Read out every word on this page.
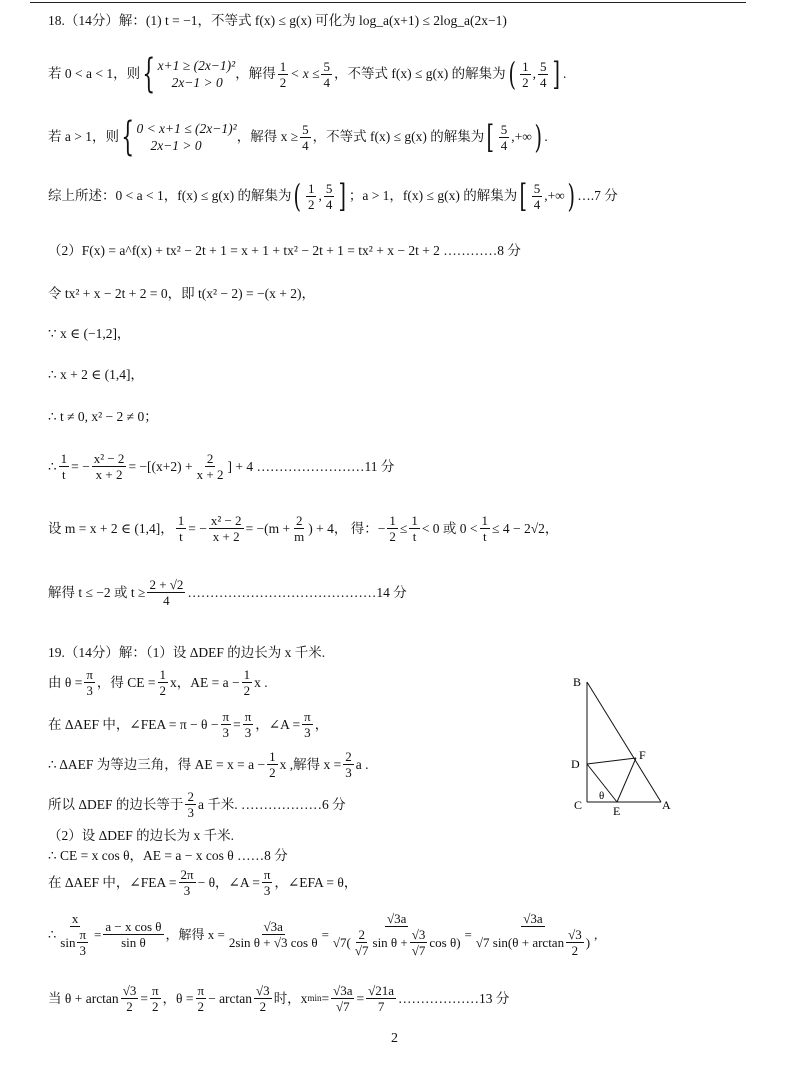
18.（14分）解：(1) t = −1，不等式 f(x) ≤ g(x) 可化为 log_a(x+1) ≤ 2log_a(2x−1)
若 0 < a < 1，则 { x+1 ≥ (2x−1)²
2x−1 > 0
，解得 $\frac{1}{2} < x \le \frac{5}{4}$ ，不等式 f(x) ≤ g(x) 的解集为 ( $\frac{1}{2}$ , $\frac{5}{4}$ ] .
若 a > 1，则 { 0 < x+1 ≤ (2x−1)²
2x−1 > 0
，解得 $x \ge \frac{5}{4}$ ，不等式 f(x) ≤ g(x) 的解集为 [ $\frac{5}{4}$ ,+∞ ) .
综上所述：0 < a < 1，f(x) ≤ g(x) 的解集为 ( $\frac{1}{2}$ , $\frac{5}{4}$ ] ；a > 1，f(x) ≤ g(x) 的解集为 [ $\frac{5}{4}$ ,+∞ ) ….7 分
（2）F(x) = a^f(x) + tx² − 2t + 1 = x + 1 + tx² − 2t + 1 = tx² + x − 2t + 2 …………8 分
令 tx² + x − 2t + 2 = 0，即 t(x² − 2) = −(x + 2)，
∵ x ∈ (−1,2]，
∴ x + 2 ∈ (1,4]，
∴ t ≠ 0, x² − 2 ≠ 0；
∴ $\frac{1}{t}$ = − $\frac{\text{x² − 2}}{x + 2} = -[(x+2) + \frac{2}{x + 2}$ ] + 4 ……………………11 分
设 m = x + 2 ∈ (1,4]， $\frac{1}{t}$ = − $\frac{\text{x² − 2}}{x + 2} = -(m + \frac{2}{m}$ ) + 4， 得：− $\frac{1}{2} \le \frac{1}{t} < 0$ 或 $0 < \frac{1}{t} \le 4 - 2√2$，
解得 t ≤ −2 或 $t \ge \frac{2 + √2}{4}$ ……………………………………14 分
19.（14分）解：（1）设 ΔDEF 的边长为 x 千米.
由 $\theta = \frac{\pi}{3}$ ，得 CE = $\frac{1}{2}$ x，AE = $a - \frac{1}{2}$ x .
在 ΔAEF 中，∠FEA = $\pi - \theta - \frac{\pi}{3} = \frac{\pi}{3}$ ，∠A = $\frac{\pi}{3}$ ，
∴ ΔAEF 为等边三角，得 AE = $x = a - \frac{1}{2}$ x ,解得 $x = \frac{2}{3}$ a .
所以 ΔDEF 的边长等于 $\frac{2}{3}$ a 千米. ………………6 分
（2）设 ΔDEF 的边长为 x 千米.
∴ CE = x cos θ，AE = a − x cos θ ……8 分
在 ΔAEF 中，∠FEA = $\frac{2\pi}{3} - \theta$，∠A = $\frac{\pi}{3}$ ，∠EFA = θ，
∴ $\frac{x}{\sin \frac{\pi}{3}} = \frac{\text{a − x cos θ}}{\text{sin θ}}$ ，解得 $x = \frac{√3a}{\text{2sin θ + √3 cos θ}} = \frac{√3a}{√7( \frac{2}{√7} \sin \theta + \frac{√3}{√7} \cos \theta)} = \frac{√3a}{√7 \sin(\theta + \arctan \frac{√3}{2} )}$ ,
当 $\theta + \arctan \frac{√3}{2} = \frac{\pi}{2}$ ，$\theta = \frac{\pi}{2} - \arctan \frac{√3}{2}$ 时，x $\min = \frac{√3a}{√7} = \frac{√21a}{7}$ ………………13 分
B
D
C	E
F
A
θ
2
